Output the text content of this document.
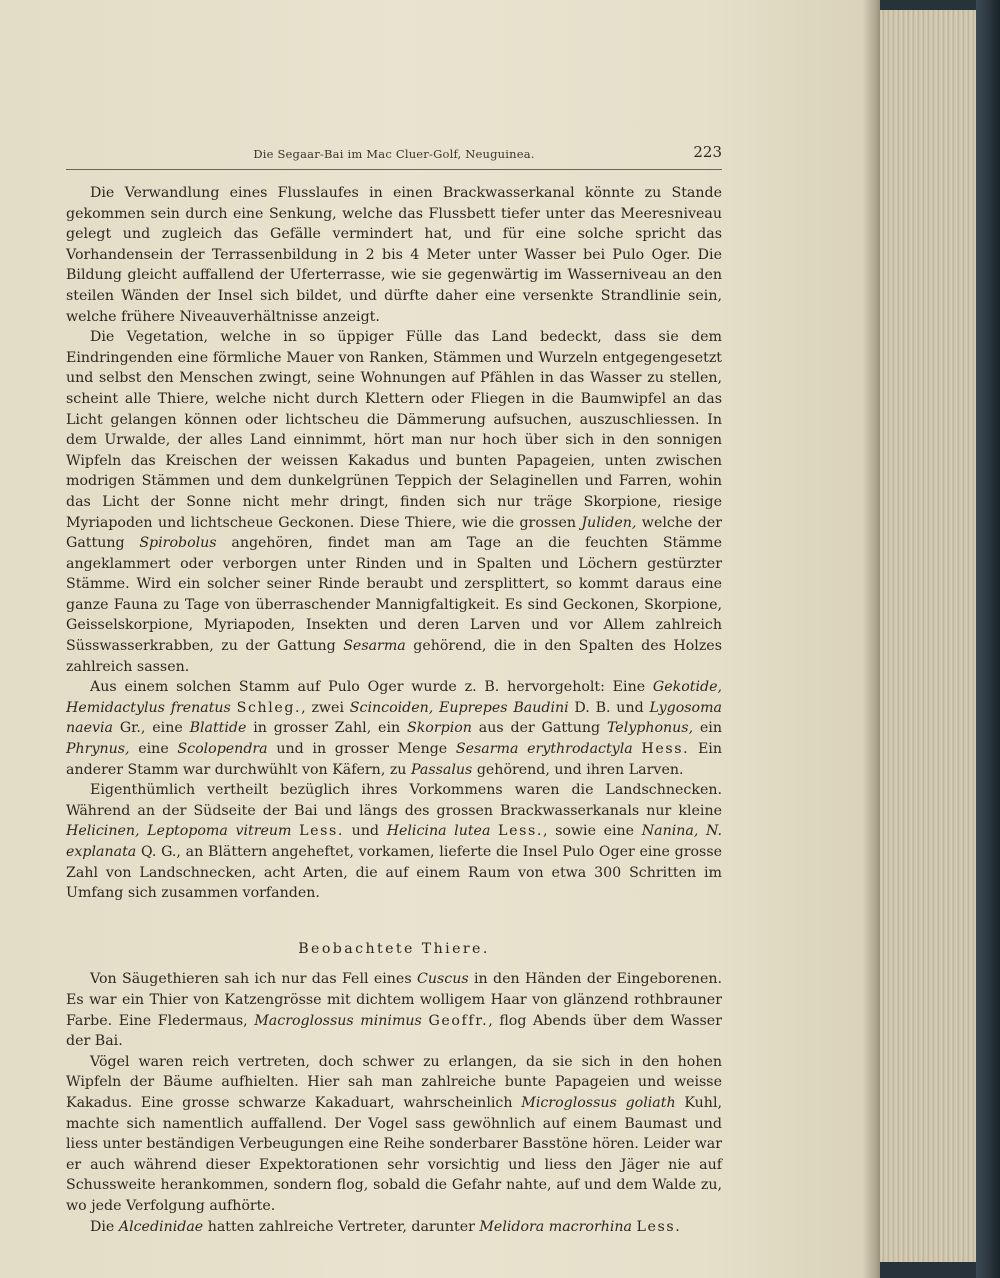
Die Segaar-Bai im Mac Cluer-Golf, Neuguinea.	223

Die Verwandlung eines Flusslaufes in einen Brackwasserkanal könnte zu Stande gekommen sein durch eine Senkung, welche das Flussbett tiefer unter das Meeresniveau gelegt und zugleich das Gefälle vermindert hat, und für eine solche spricht das Vorhandensein der Terrassenbildung in 2 bis 4 Meter unter Wasser bei Pulo Oger. Die Bildung gleicht auffallend der Uferterrasse, wie sie gegenwärtig im Wasserniveau an den steilen Wänden der Insel sich bildet, und dürfte daher eine versenkte Strandlinie sein, welche frühere Niveauverhältnisse anzeigt.

Die Vegetation, welche in so üppiger Fülle das Land bedeckt, dass sie dem Eindringenden eine förmliche Mauer von Ranken, Stämmen und Wurzeln entgegengesetzt und selbst den Menschen zwingt, seine Wohnungen auf Pfählen in das Wasser zu stellen, scheint alle Thiere, welche nicht durch Klettern oder Fliegen in die Baumwipfel an das Licht gelangen können oder lichtscheu die Dämmerung aufsuchen, auszuschliessen. In dem Urwalde, der alles Land einnimmt, hört man nur hoch über sich in den sonnigen Wipfeln das Kreischen der weissen Kakadus und bunten Papageien, unten zwischen modrigen Stämmen und dem dunkelgrünen Teppich der Selaginellen und Farren, wohin das Licht der Sonne nicht mehr dringt, finden sich nur träge Skorpione, riesige Myriapoden und lichtscheue Geckonen. Diese Thiere, wie die grossen Juliden, welche der Gattung Spirobolus angehören, findet man am Tage an die feuchten Stämme angeklammert oder verborgen unter Rinden und in Spalten und Löchern gestürzter Stämme. Wird ein solcher seiner Rinde beraubt und zersplittert, so kommt daraus eine ganze Fauna zu Tage von überraschender Mannigfaltigkeit. Es sind Geckonen, Skorpione, Geisselskorpione, Myriapoden, Insekten und deren Larven und vor Allem zahlreich Süsswasserkrabben, zu der Gattung Sesarma gehörend, die in den Spalten des Holzes zahlreich sassen.

Aus einem solchen Stamm auf Pulo Oger wurde z. B. hervorgeholt: Eine Gekotide, Hemidactylus frenatus Schleg., zwei Scincoiden, Euprepes Baudini D. B. und Lygosoma naevia Gr., eine Blattide in grosser Zahl, ein Skorpion aus der Gattung Telyphonus, ein Phrynus, eine Scolopendra und in grosser Menge Sesarma erythrodactyla Hess. Ein anderer Stamm war durchwühlt von Käfern, zu Passalus gehörend, und ihren Larven.

Eigenthümlich vertheilt bezüglich ihres Vorkommens waren die Landschnecken. Während an der Südseite der Bai und längs des grossen Brackwasserkanals nur kleine Helicinen, Leptopoma vitreum Less. und Helicina lutea Less., sowie eine Nanina, N. explanata Q. G., an Blättern angeheftet, vorkamen, lieferte die Insel Pulo Oger eine grosse Zahl von Landschnecken, acht Arten, die auf einem Raum von etwa 300 Schritten im Umfang sich zusammen vorfanden.

Beobachtete Thiere.

Von Säugethieren sah ich nur das Fell eines Cuscus in den Händen der Eingeborenen. Es war ein Thier von Katzengrösse mit dichtem wolligem Haar von glänzend rothbrauner Farbe. Eine Fledermaus, Macroglossus minimus Geoffr., flog Abends über dem Wasser der Bai.

Vögel waren reich vertreten, doch schwer zu erlangen, da sie sich in den hohen Wipfeln der Bäume aufhielten. Hier sah man zahlreiche bunte Papageien und weisse Kakadus. Eine grosse schwarze Kakaduart, wahrscheinlich Microglossus goliath Kuhl, machte sich namentlich auffallend. Der Vogel sass gewöhnlich auf einem Baumast und liess unter beständigen Verbeugungen eine Reihe sonderbarer Basstöne hören. Leider war er auch während dieser Expektorationen sehr vorsichtig und liess den Jäger nie auf Schussweite herankommen, sondern flog, sobald die Gefahr nahte, auf und dem Walde zu, wo jede Verfolgung aufhörte.

Die Alcedinidae hatten zahlreiche Vertreter, darunter Melidora macrorhina Less.
